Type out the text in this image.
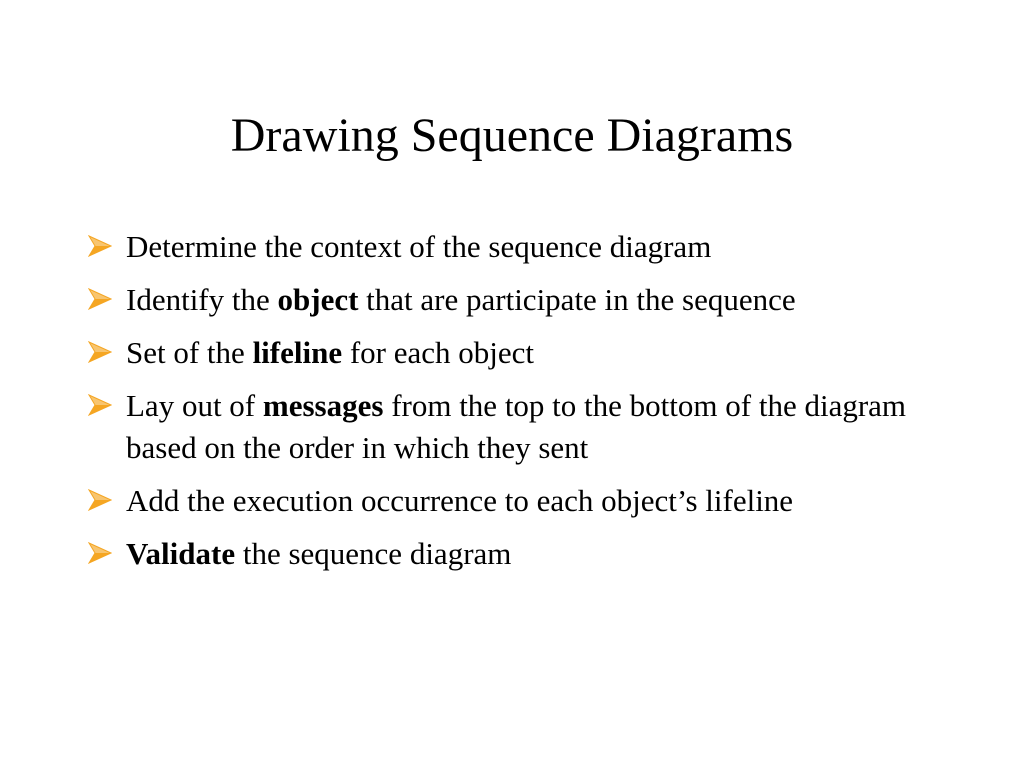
Drawing Sequence Diagrams
Determine the context of the sequence diagram
Identify the object that are participate in the sequence
Set of the lifeline for each object
Lay out of messages from the top to the bottom of the diagram based on the order in which they sent
Add the execution occurrence to each object’s lifeline
Validate the sequence diagram
